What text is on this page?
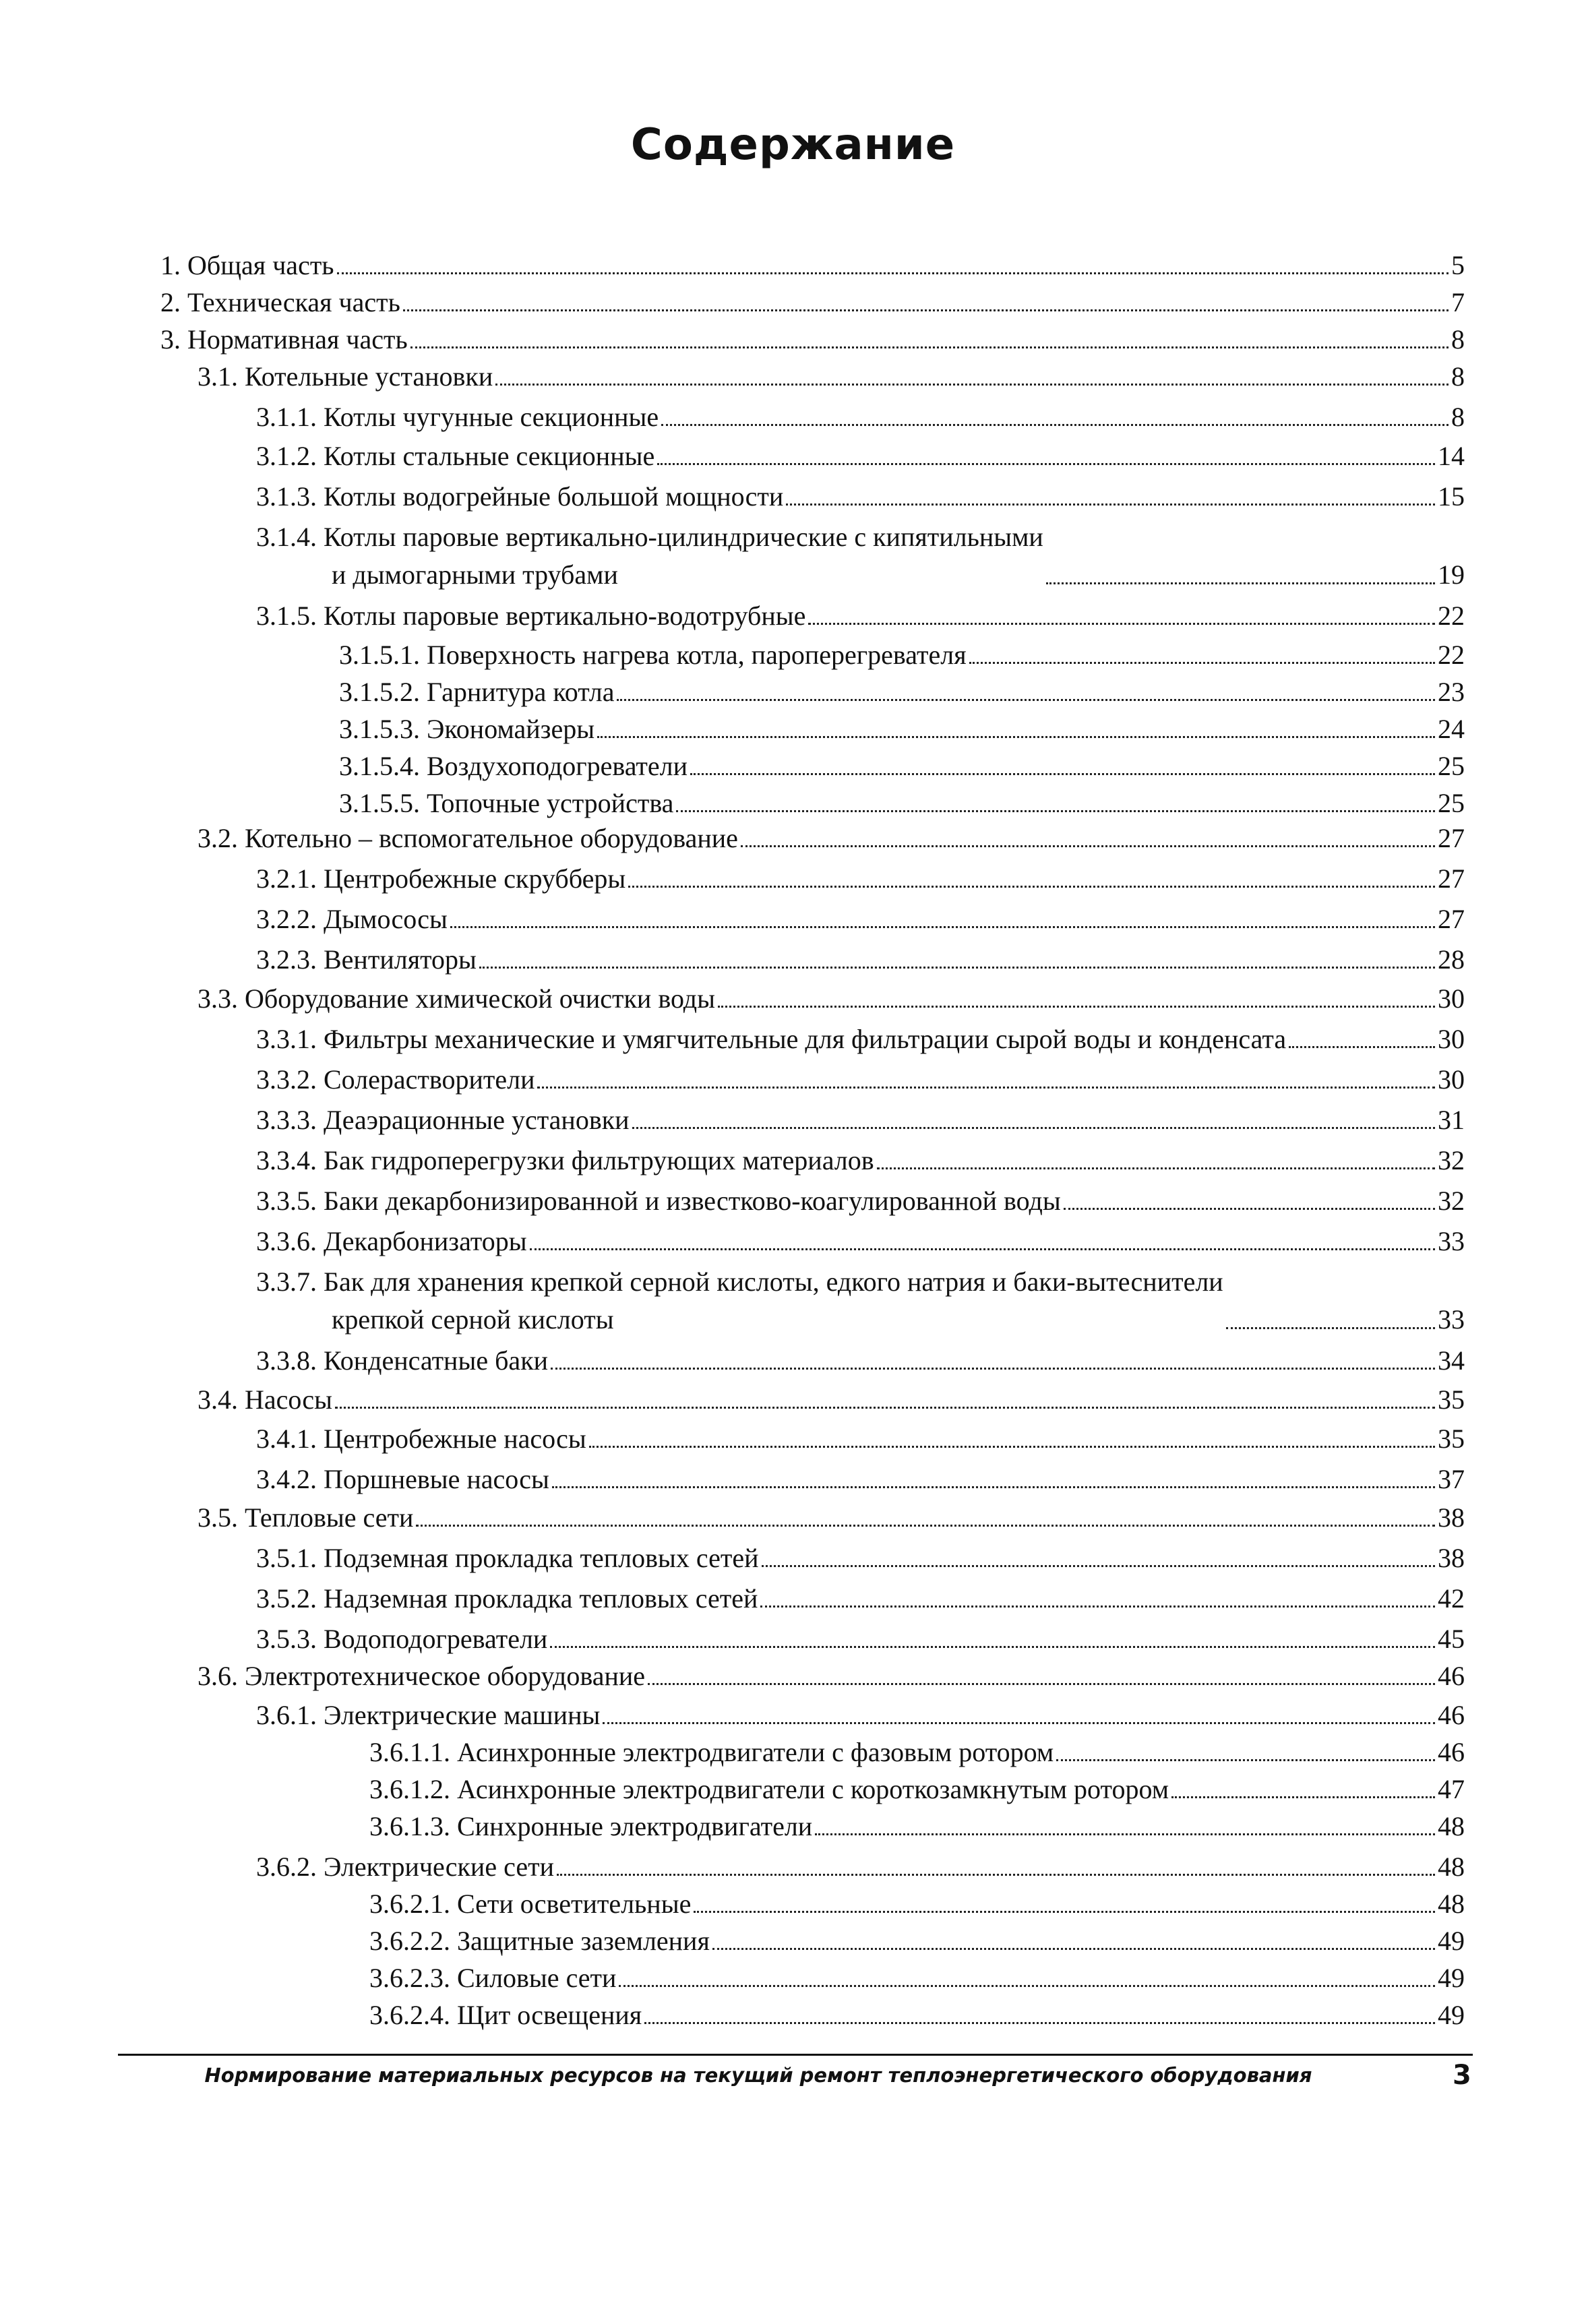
Содержание
1. Общая часть	5
2. Техническая часть	7
3. Нормативная часть	8
3.1. Котельные установки	8
3.1.1. Котлы чугунные секционные	8
3.1.2. Котлы стальные секционные	14
3.1.3. Котлы водогрейные большой мощности	15
3.1.4. Котлы паровые вертикально-цилиндрические с кипятильными
и дымогарными трубами	19
3.1.5. Котлы паровые вертикально-водотрубные	22
3.1.5.1. Поверхность нагрева котла, пароперегревателя	22
3.1.5.2. Гарнитура котла	23
3.1.5.3. Экономайзеры	24
3.1.5.4. Воздухоподогреватели	25
3.1.5.5. Топочные устройства	25
3.2. Котельно – вспомогательное оборудование	27
3.2.1. Центробежные скрубберы	27
3.2.2. Дымососы	27
3.2.3. Вентиляторы	28
3.3. Оборудование химической очистки воды	30
3.3.1. Фильтры механические и умягчительные для фильтрации сырой воды и конденсата	30
3.3.2. Солерастворители	30
3.3.3. Деаэрационные установки	31
3.3.4. Бак гидроперегрузки фильтрующих материалов	32
3.3.5. Баки декарбонизированной и известково-коагулированной воды	32
3.3.6. Декарбонизаторы	33
3.3.7. Бак для хранения крепкой серной кислоты, едкого натрия и баки-вытеснители
крепкой серной кислоты	33
3.3.8. Конденсатные баки	34
3.4. Насосы	35
3.4.1. Центробежные насосы	35
3.4.2. Поршневые насосы	37
3.5. Тепловые сети	38
3.5.1. Подземная прокладка тепловых сетей	38
3.5.2. Надземная прокладка тепловых сетей	42
3.5.3. Водоподогреватели	45
3.6. Электротехническое оборудование	46
3.6.1. Электрические машины	46
3.6.1.1. Асинхронные электродвигатели с фазовым ротором	46
3.6.1.2. Асинхронные электродвигатели с короткозамкнутым ротором	47
3.6.1.3. Синхронные электродвигатели	48
3.6.2. Электрические сети	48
3.6.2.1. Сети осветительные	48
3.6.2.2. Защитные заземления	49
3.6.2.3. Силовые сети	49
3.6.2.4. Щит освещения	49
Нормирование материальных ресурсов на текущий ремонт теплоэнергетического оборудования	3
